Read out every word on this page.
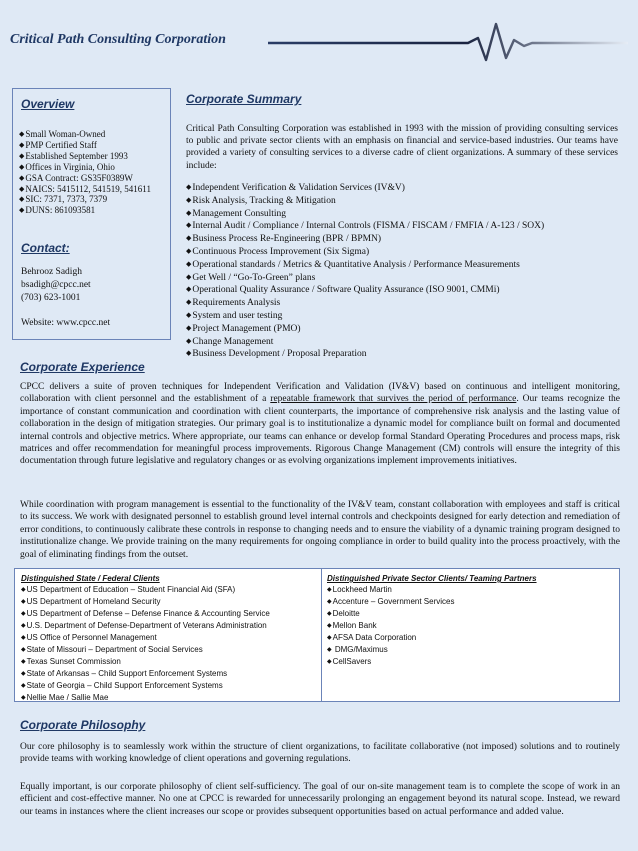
Critical Path Consulting Corporation
Overview
◆ Small Woman-Owned
◆ PMP Certified Staff
◆ Established September 1993
◆ Offices in Virginia, Ohio
◆ GSA Contract: GS35F0389W
◆ NAICS: 5415112, 541519, 541611
◆ SIC: 7371, 7373, 7379
◆ DUNS: 861093581
Contact:
Behrooz Sadigh
bsadigh@cpcc.net
(703) 623-1001
Website: www.cpcc.net
Corporate Summary
Critical Path Consulting Corporation was established in 1993 with the mission of providing consulting services to public and private sector clients with an emphasis on financial and service-based industries. Our teams have provided a variety of consulting services to a diverse cadre of client organizations. A summary of these services include:
◆ Independent Verification & Validation Services (IV&V)
◆ Risk Analysis, Tracking & Mitigation
◆ Management Consulting
◆ Internal Audit / Compliance / Internal Controls (FISMA / FISCAM / FMFIA / A-123 / SOX)
◆ Business Process Re-Engineering (BPR / BPMN)
◆ Continuous Process Improvement (Six Sigma)
◆ Operational standards / Metrics & Quantitative Analysis / Performance Measurements
◆ Get Well / “Go-To-Green” plans
◆ Operational Quality Assurance / Software Quality Assurance (ISO 9001, CMMi)
◆ Requirements Analysis
◆ System and user testing
◆ Project Management (PMO)
◆ Change Management
◆ Business Development / Proposal Preparation
Corporate Experience
CPCC delivers a suite of proven techniques for Independent Verification and Validation (IV&V) based on continuous and intelligent monitoring, collaboration with client personnel and the establishment of a repeatable framework that survives the period of performance. Our teams recognize the importance of constant communication and coordination with client counterparts, the importance of comprehensive risk analysis and the lasting value of collaboration in the design of mitigation strategies. Our primary goal is to institutionalize a dynamic model for compliance built on formal and documented internal controls and objective metrics. Where appropriate, our teams can enhance or develop formal Standard Operating Procedures and process maps, risk matrices and offer recommendation for meaningful process improvements. Rigorous Change Management (CM) controls will ensure the integrity of this documentation through future legislative and regulatory changes or as evolving organizations implement improvements initiatives.
While coordination with program management is essential to the functionality of the IV&V team, constant collaboration with employees and staff is critical to its success. We work with designated personnel to establish ground level internal controls and checkpoints designed for early detection and remediation of error conditions, to continuously calibrate these controls in response to changing needs and to ensure the viability of a dynamic training program designed to institutionalize change. We provide training on the many requirements for ongoing compliance in order to build quality into the process proactively, with the goal of eliminating findings from the outset.
Distinguished State / Federal Clients
◆ US Department of Education – Student Financial Aid (SFA)
◆ US Department of Homeland Security
◆ US Department of Defense – Defense Finance & Accounting Service
◆ U.S. Department of Defense-Department of Veterans Administration
◆ US Office of Personnel Management
◆ State of Missouri – Department of Social Services
◆ Texas Sunset Commission
◆ State of Arkansas – Child Support Enforcement Systems
◆ State of Georgia – Child Support Enforcement Systems
◆ Nellie Mae / Sallie Mae
Distinguished Private Sector Clients/ Teaming Partners
◆ Lockheed Martin
◆ Accenture – Government Services
◆ Deloitte
◆ Mellon Bank
◆ AFSA Data Corporation
◆ DMG/Maximus
◆ CellSavers
Corporate Philosophy
Our core philosophy is to seamlessly work within the structure of client organizations, to facilitate collaborative (not imposed) solutions and to routinely provide teams with working knowledge of client operations and governing regulations.
Equally important, is our corporate philosophy of client self-sufficiency. The goal of our on-site management team is to complete the scope of work in an efficient and cost-effective manner. No one at CPCC is rewarded for unnecessarily prolonging an engagement beyond its natural scope. Instead, we reward our teams in instances where the client increases our scope or provides subsequent opportunities based on actual performance and added value.
